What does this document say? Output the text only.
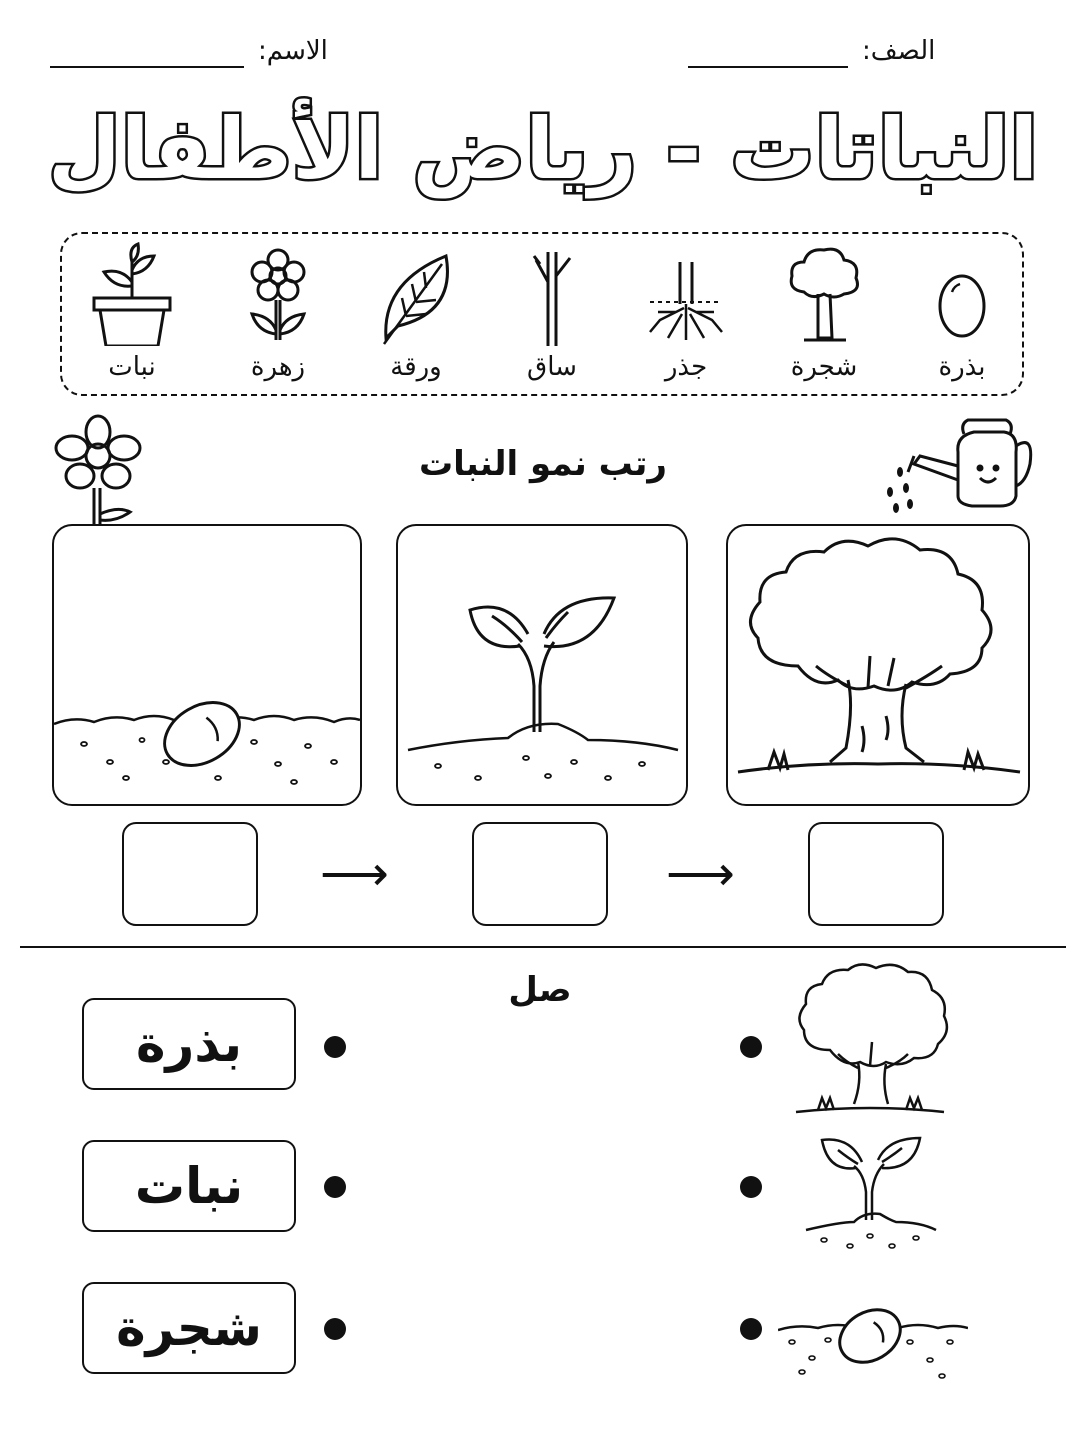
الصف:
الاسم:
النباتات - رياض الأطفال
بذرة
شجرة
جذر
ساق
ورقة
زهرة
نبات
رتب نمو النبات
⟶	⟶
صل
بذرة
نبات
شجرة
